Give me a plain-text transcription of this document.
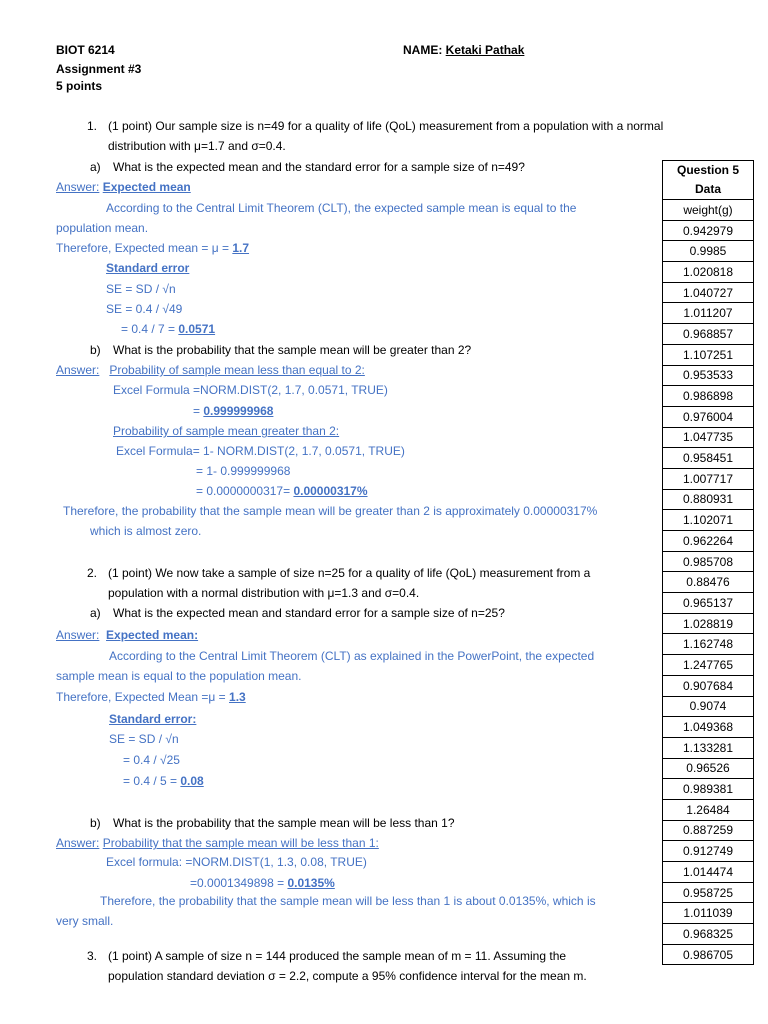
BIOT 6214
Assignment #3
5 points
NAME: Ketaki Pathak
1. (1 point) Our sample size is n=49 for a quality of life (QoL) measurement from a population with a normal
distribution with μ=1.7 and σ=0.4.
a) What is the expected mean and the standard error for a sample size of n=49?
Answer: Expected mean
According to the Central Limit Theorem (CLT), the expected sample mean is equal to the
population mean.
Therefore, Expected mean = μ = 1.7
Standard error
SE = SD / √n
SE = 0.4 / √49
= 0.4 / 7 = 0.0571
b) What is the probability that the sample mean will be greater than 2?
Answer: Probability of sample mean less than equal to 2:
Excel Formula =NORM.DIST(2, 1.7, 0.0571, TRUE)
= 0.999999968
Probability of sample mean greater than 2:
Excel Formula= 1- NORM.DIST(2, 1.7, 0.0571, TRUE)
= 1- 0.999999968
= 0.0000000317= 0.00000317%
Therefore, the probability that the sample mean will be greater than 2 is approximately 0.00000317%
which is almost zero.
2. (1 point) We now take a sample of size n=25 for a quality of life (QoL) measurement from a
population with a normal distribution with μ=1.3 and σ=0.4.
a) What is the expected mean and standard error for a sample size of n=25?
Answer: Expected mean:
According to the Central Limit Theorem (CLT) as explained in the PowerPoint, the expected
sample mean is equal to the population mean.
Therefore, Expected Mean =μ = 1.3
Standard error:
SE = SD / √n
= 0.4 / √25
= 0.4 / 5 = 0.08
b) What is the probability that the sample mean will be less than 1?
Answer: Probability that the sample mean will be less than 1:
Excel formula: =NORM.DIST(1, 1.3, 0.08, TRUE)
=0.0001349898 = 0.0135%
Therefore, the probability that the sample mean will be less than 1 is about 0.0135%, which is
very small.
3. (1 point) A sample of size n = 144 produced the sample mean of m = 11. Assuming the
population standard deviation σ = 2.2, compute a 95% confidence interval for the mean m.
Question 5
Data
weight(g)
0.942979
0.9985
1.020818
1.040727
1.011207
0.968857
1.107251
0.953533
0.986898
0.976004
1.047735
0.958451
1.007717
0.880931
1.102071
0.962264
0.985708
0.88476
0.965137
1.028819
1.162748
1.247765
0.907684
0.9074
1.049368
1.133281
0.96526
0.989381
1.26484
0.887259
0.912749
1.014474
0.958725
1.011039
0.968325
0.986705
